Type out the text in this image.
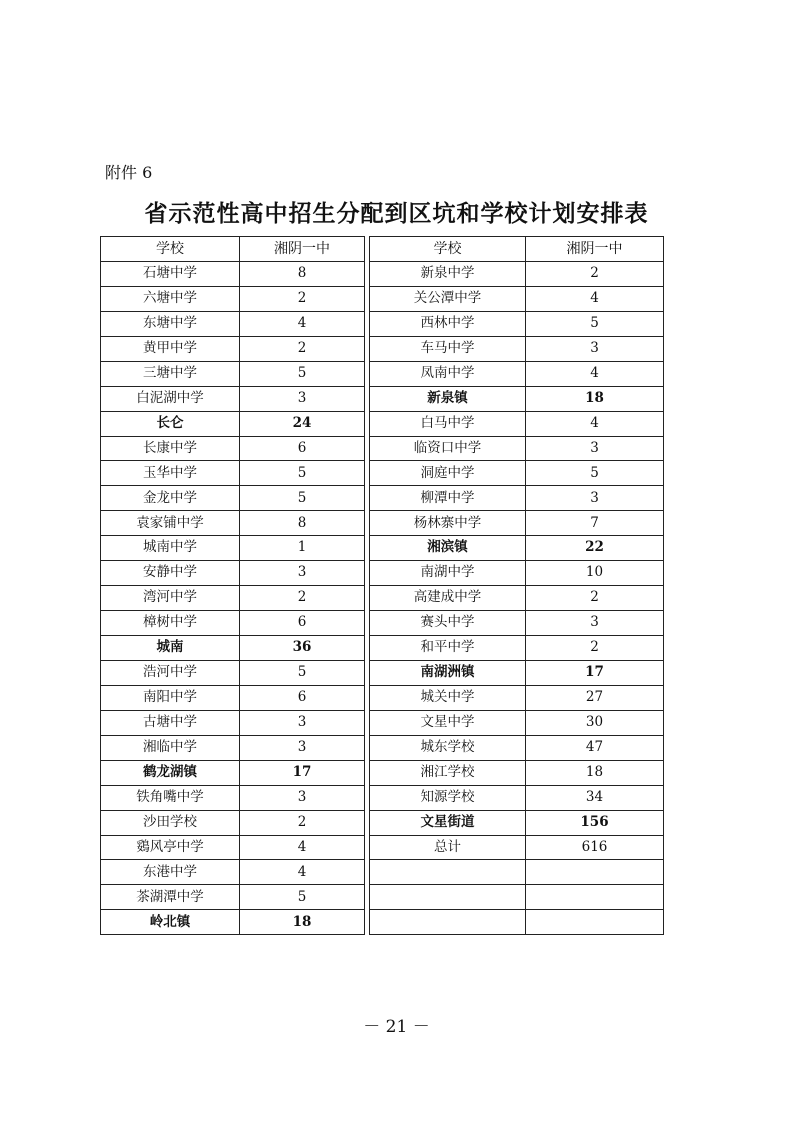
附件 6
省示范性高中招生分配到区坑和学校计划安排表
学校	湘阴一中
石塘中学	8
六塘中学	2
东塘中学	4
黄甲中学	2
三塘中学	5
白泥湖中学	3
长仑	24
长康中学	6
玉华中学	5
金龙中学	5
袁家铺中学	8
城南中学	1
安静中学	3
湾河中学	2
樟树中学	6
城南	36
浩河中学	5
南阳中学	6
古塘中学	3
湘临中学	3
鹤龙湖镇	17
铁角嘴中学	3
沙田学校	2
鵎风亭中学	4
东港中学	4
茶湖潭中学	5
岭北镇	18
学校	湘阴一中
新泉中学	2
关公潭中学	4
西林中学	5
车马中学	3
凤南中学	4
新泉镇	18
白马中学	4
临资口中学	3
洞庭中学	5
柳潭中学	3
杨林寨中学	7
湘滨镇	22
南湖中学	10
高建成中学	2
赛头中学	3
和平中学	2
南湖洲镇	17
城关中学	27
文星中学	30
城东学校	47
湘江学校	18
知源学校	34
文星街道	156
总计	616

－ 21 －
